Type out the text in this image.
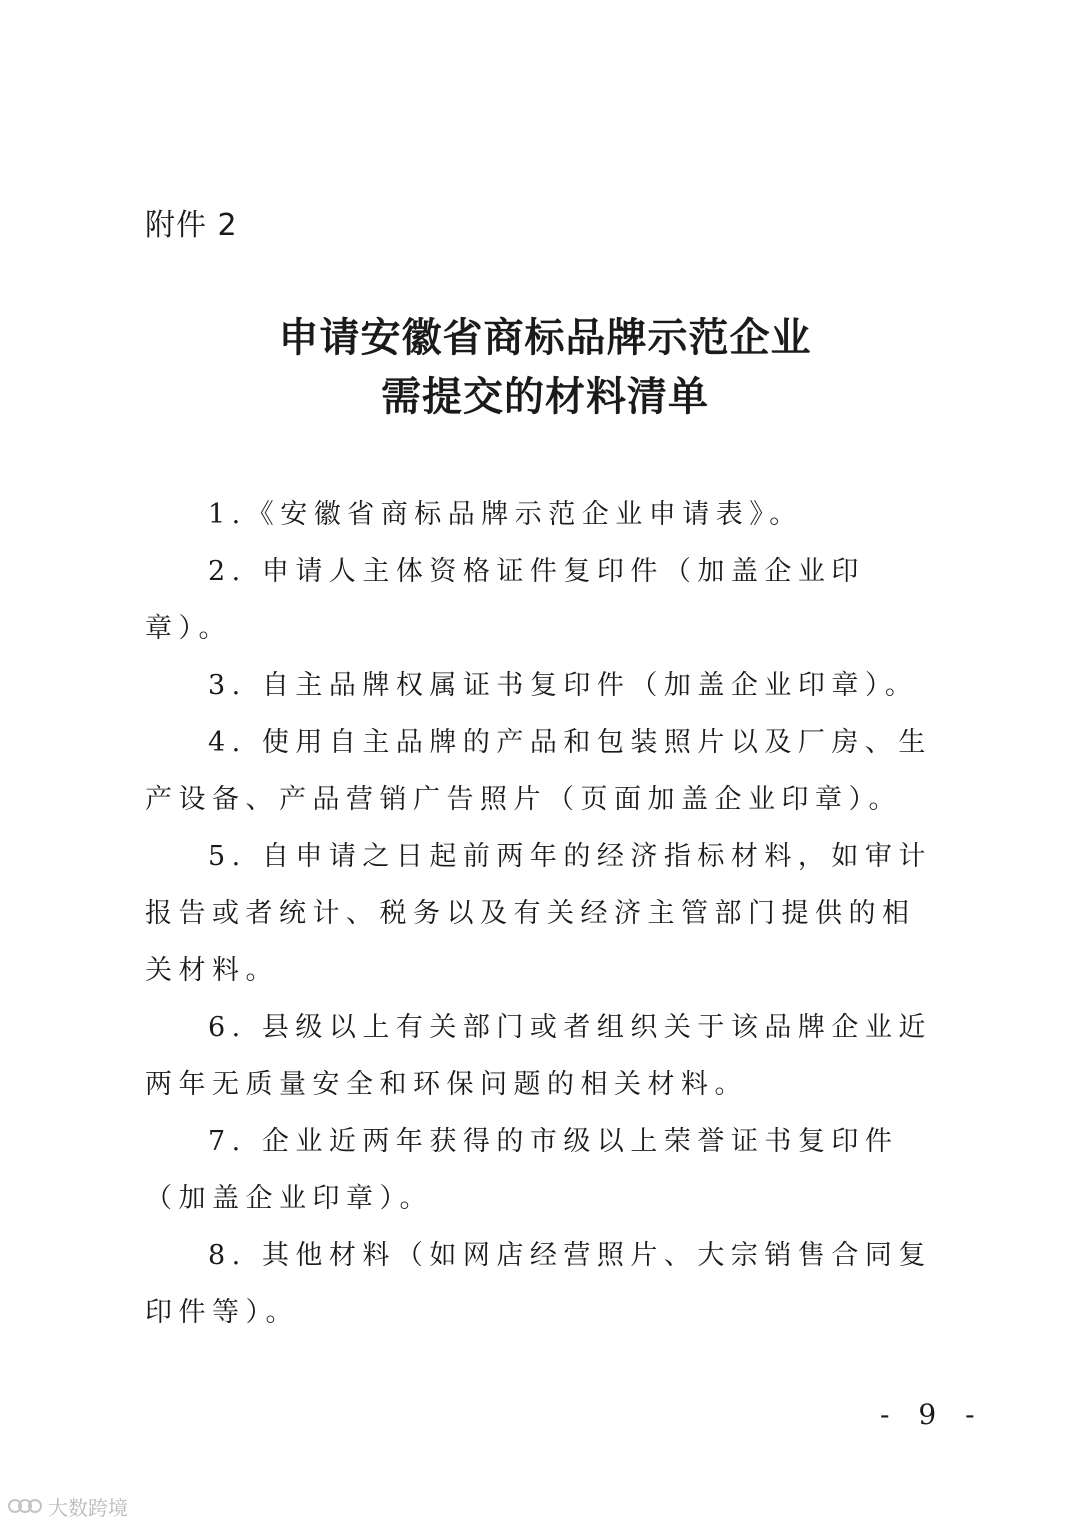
附件 2
申请安徽省商标品牌示范企业
需提交的材料清单

1.《安徽省商标品牌示范企业申请表》。

2. 申请人主体资格证件复印件（加盖企业印章）。

3. 自主品牌权属证书复印件（加盖企业印章）。

4. 使用自主品牌的产品和包装照片以及厂房、生产设备、产品营销广告照片（页面加盖企业印章）。

5. 自申请之日起前两年的经济指标材料，如审计报告或者统计、税务以及有关经济主管部门提供的相关材料。

6. 县级以上有关部门或者组织关于该品牌企业近两年无质量安全和环保问题的相关材料。

7. 企业近两年获得的市级以上荣誉证书复印件（加盖企业印章）。

8. 其他材料（如网店经营照片、大宗销售合同复印件等）。

- 9 -
大数跨境
